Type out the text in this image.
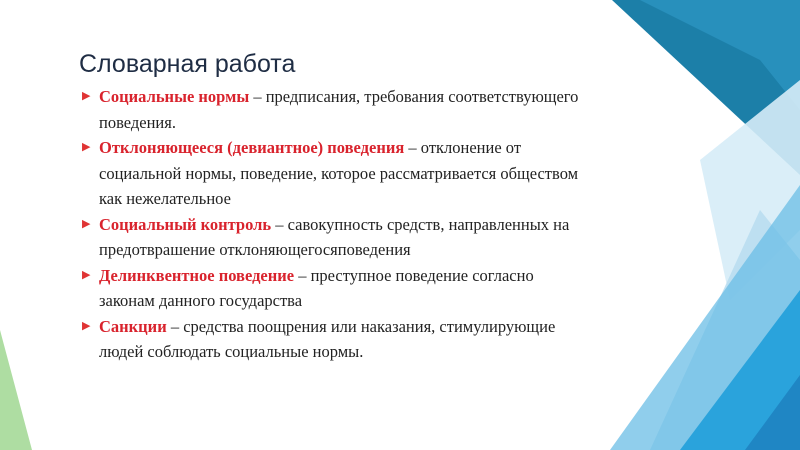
Словарная работа
▶ Социальные нормы – предписания, требования соответствующего
поведения.
▶ Отклоняющееся (девиантное) поведения – отклонение от
социальной нормы, поведение, которое рассматривается обществом
как нежелательное
▶ Социальный контроль – савокупность средств, направленных на
предотврашение отклоняющегосяповедения
▶ Делинквентное поведение – преступное поведение согласно
законам данного государства
▶ Санкции – средства поощрения или наказания, стимулирующие
людей соблюдать социальные нормы.
